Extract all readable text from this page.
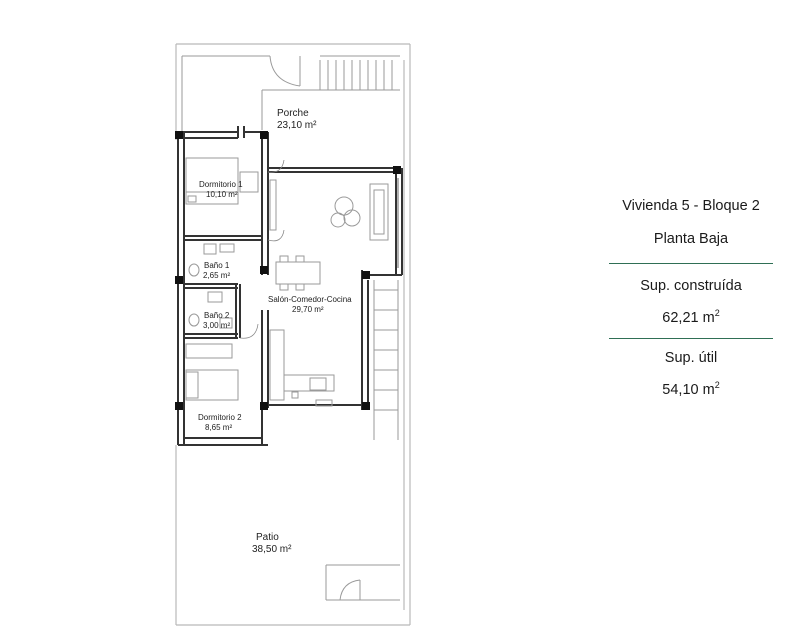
Porche
23,10 m²
Dormitorio 1
10,10 m²
Baño 1
2,65 m²
Baño 2
3,00 m²
Salón-Comedor-Cocina
29,70 m²
Dormitorio 2
8,65 m²
Patio
38,50 m²
Vivienda 5 - Bloque 2
Planta Baja
Sup. construída
62,21 $m^2$
Sup. útil
54,10 $m^2$
